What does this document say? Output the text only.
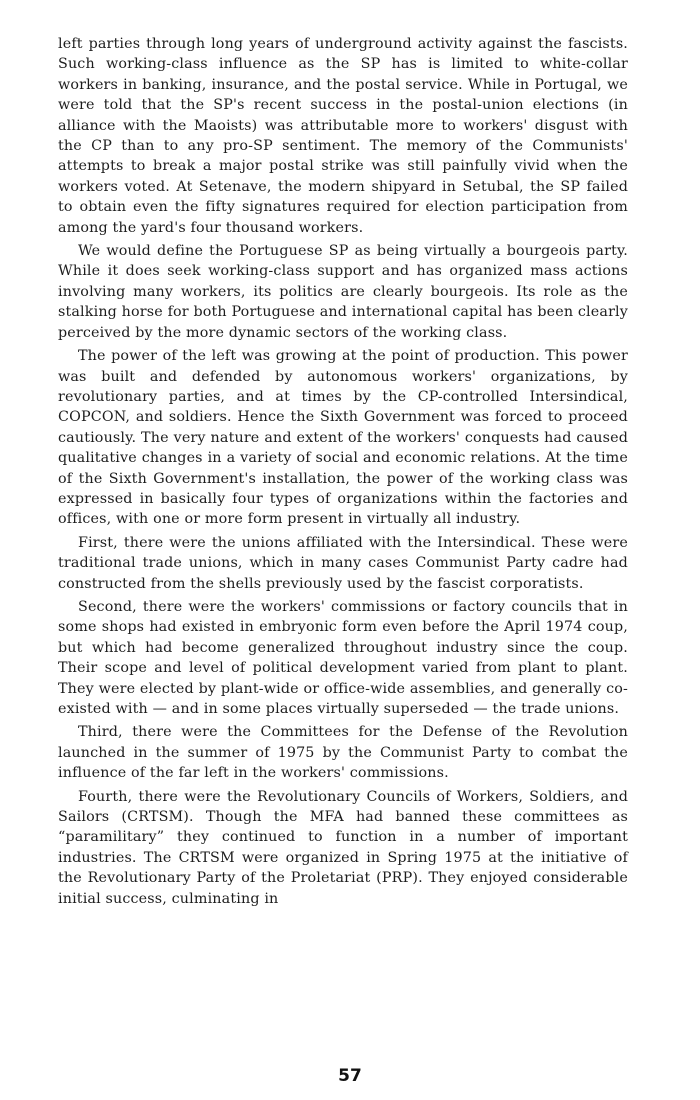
left parties through long years of underground activity against the fascists. Such working-class influence as the SP has is limited to white-collar workers in banking, insurance, and the postal service. While in Portugal, we were told that the SP's recent success in the postal-union elections (in alliance with the Maoists) was attributable more to workers' disgust with the CP than to any pro-SP sentiment. The memory of the Communists' attempts to break a major postal strike was still painfully vivid when the workers voted. At Setenave, the modern shipyard in Setubal, the SP failed to obtain even the fifty signatures required for election participation from among the yard's four thousand workers.

We would define the Portuguese SP as being virtually a bourgeois party. While it does seek working-class support and has organized mass actions involving many workers, its politics are clearly bourgeois. Its role as the stalking horse for both Portuguese and international capital has been clearly perceived by the more dynamic sectors of the working class.

The power of the left was growing at the point of production. This power was built and defended by autonomous workers' organizations, by revolutionary parties, and at times by the CP-controlled Intersindical, COPCON, and soldiers. Hence the Sixth Government was forced to proceed cautiously. The very nature and extent of the workers' conquests had caused qualitative changes in a variety of social and economic relations. At the time of the Sixth Government's installation, the power of the working class was expressed in basically four types of organizations within the factories and offices, with one or more form present in virtually all industry.

First, there were the unions affiliated with the Intersindical. These were traditional trade unions, which in many cases Communist Party cadre had constructed from the shells previously used by the fascist corporatists.

Second, there were the workers' commissions or factory councils that in some shops had existed in embryonic form even before the April 1974 coup, but which had become generalized throughout industry since the coup. Their scope and level of political development varied from plant to plant. They were elected by plant-wide or office-wide assemblies, and generally co-existed with — and in some places virtually superseded — the trade unions.

Third, there were the Committees for the Defense of the Revolution launched in the summer of 1975 by the Communist Party to combat the influence of the far left in the workers' commissions.

Fourth, there were the Revolutionary Councils of Workers, Soldiers, and Sailors (CRTSM). Though the MFA had banned these committees as “paramilitary” they continued to function in a number of important industries. The CRTSM were organized in Spring 1975 at the initiative of the Revolutionary Party of the Proletariat (PRP). They enjoyed considerable initial success, culminating in

57
